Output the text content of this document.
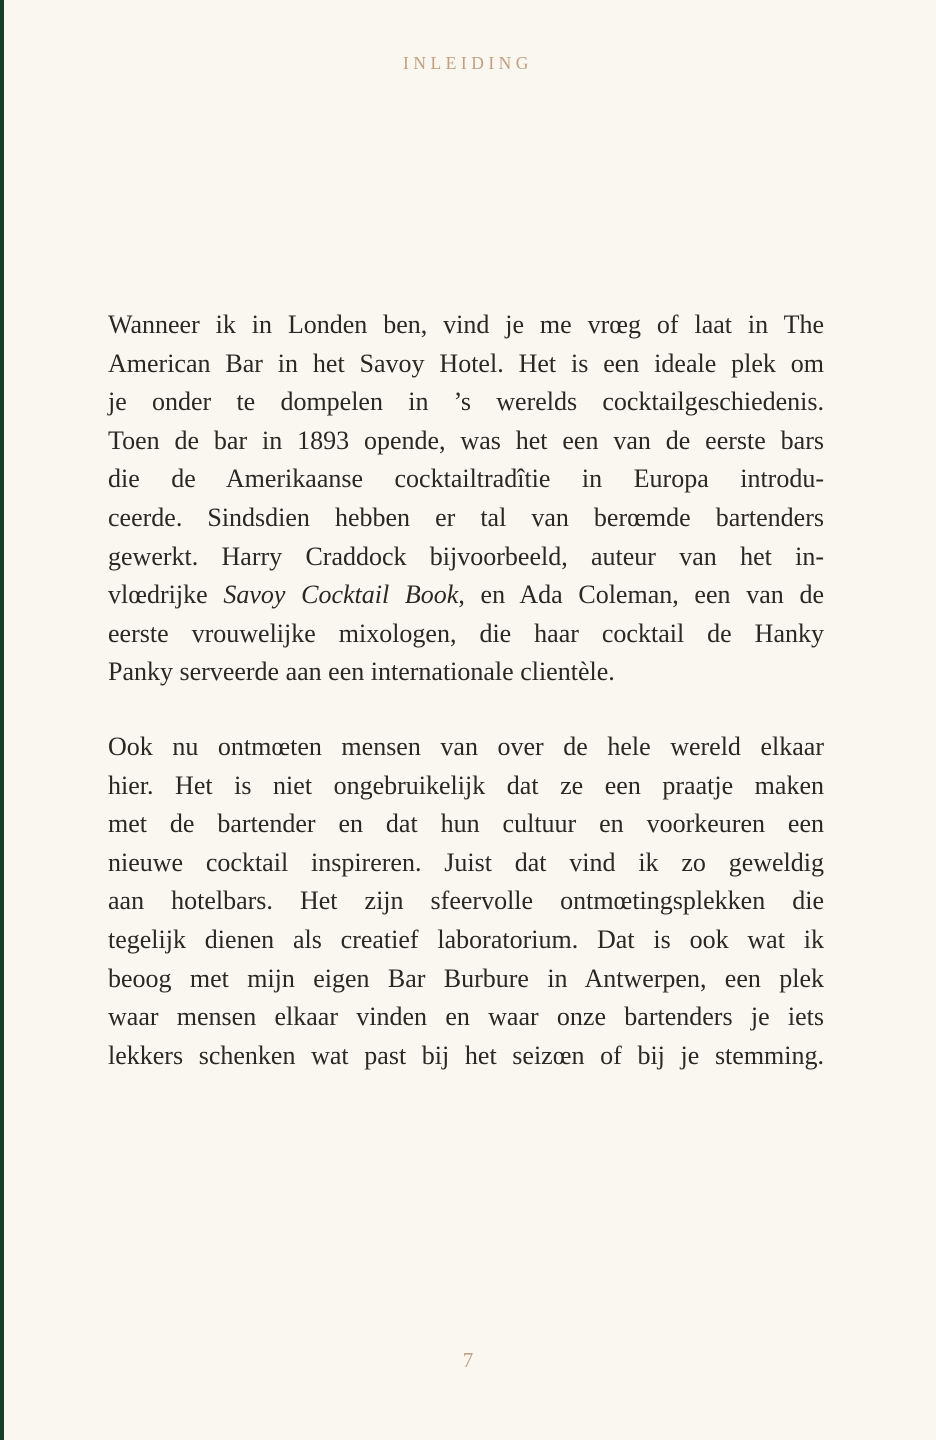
INLEIDING
Wanneer ik in Londen ben, vind je me vrœg of laat in The
American Bar in het Savoy Hotel. Het is een ideale plek om
je onder te dompelen in ’s werelds cocktailgeschiedenis.
Toen de bar in 1893 opende, was het een van de eerste bars
die de Amerikaanse cocktailtradîtie in Europa introdu-
ceerde. Sindsdien hebben er tal van berœmde bartenders
gewerkt. Harry Craddock bijvoorbeeld, auteur van het in-
vlœdrijke Savoy Cocktail Book, en Ada Coleman, een van de
eerste vrouwelijke mixologen, die haar cocktail de Hanky
Panky serveerde aan een internationale clientèle.
Ook nu ontmœten mensen van over de hele wereld elkaar
hier. Het is niet ongebruikelijk dat ze een praatje maken
met de bartender en dat hun cultuur en voorkeuren een
nieuwe cocktail inspireren. Juist dat vind ik zo geweldig
aan hotelbars. Het zijn sfeervolle ontmœtingsplekken die
tegelijk dienen als creatief laboratorium. Dat is ook wat ik
beoog met mijn eigen Bar Burbure in Antwerpen, een plek
waar mensen elkaar vinden en waar onze bartenders je iets
lekkers schenken wat past bij het seizœn of bij je stemming.
7
